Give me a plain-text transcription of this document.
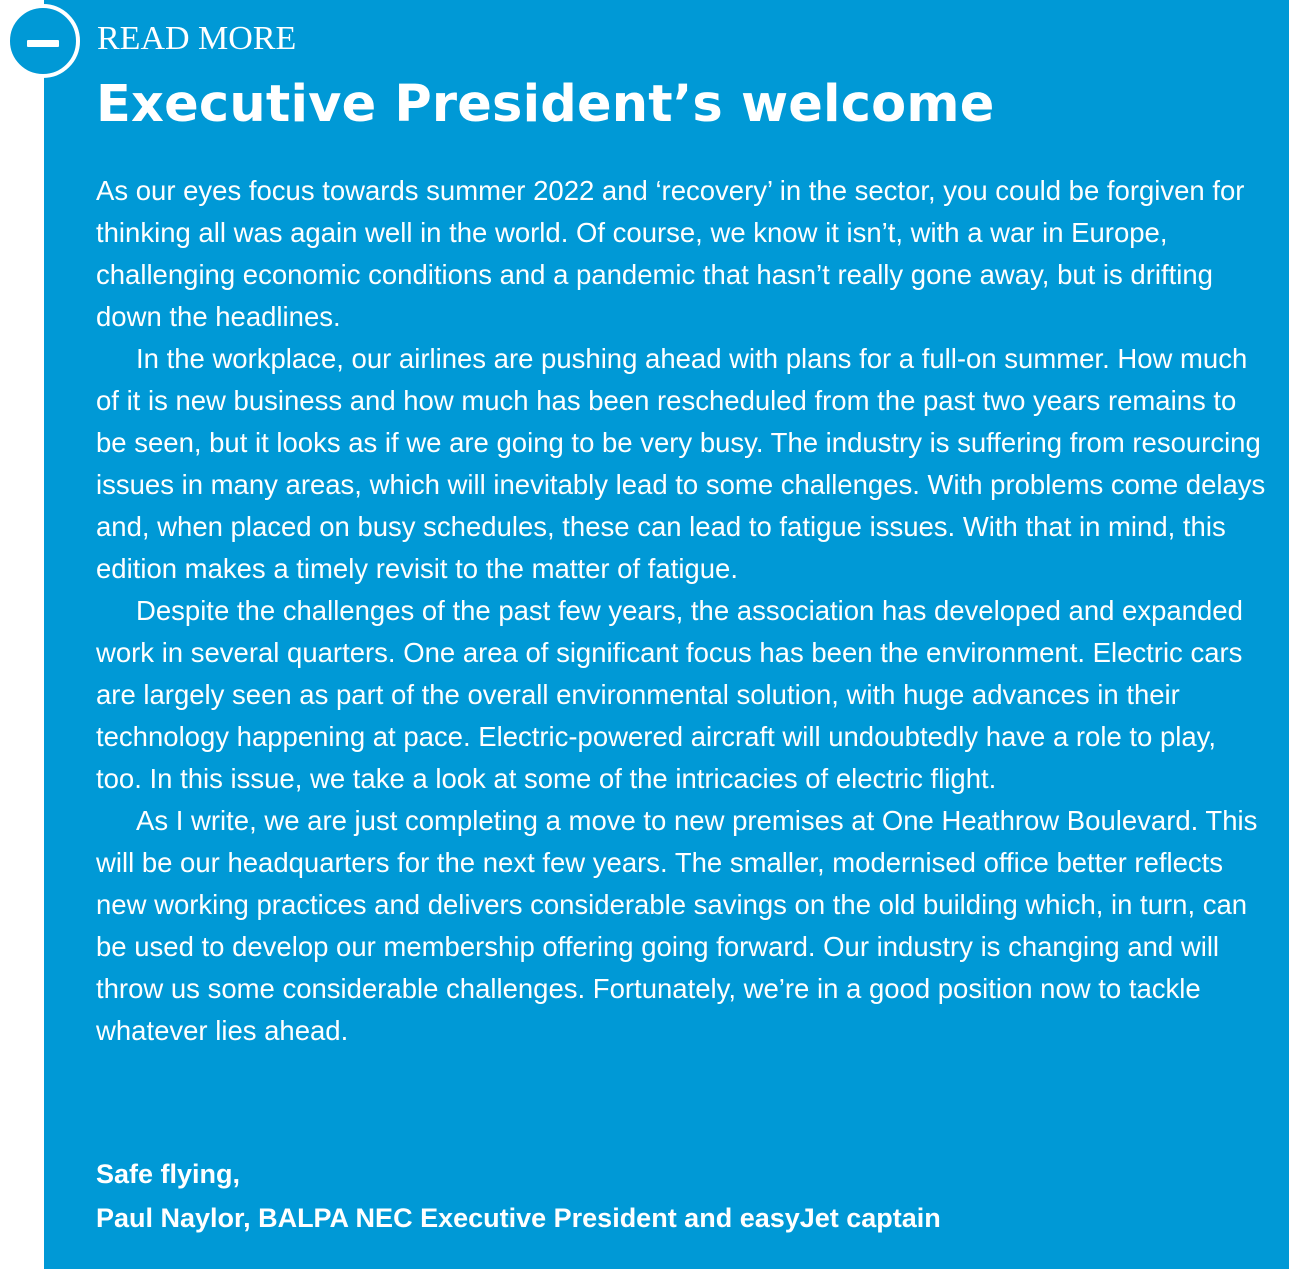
READ MORE
Executive President’s welcome

As our eyes focus towards summer 2022 and ‘recovery’ in the sector, you could be forgiven for thinking all was again well in the world. Of course, we know it isn’t, with a war in Europe, challenging economic conditions and a pandemic that hasn’t really gone away, but is drifting down the headlines.

In the workplace, our airlines are pushing ahead with plans for a full-on summer. How much of it is new business and how much has been rescheduled from the past two years remains to be seen, but it looks as if we are going to be very busy. The industry is suffering from resourcing issues in many areas, which will inevitably lead to some challenges. With problems come delays and, when placed on busy schedules, these can lead to fatigue issues. With that in mind, this edition makes a timely revisit to the matter of fatigue.

Despite the challenges of the past few years, the association has developed and expanded work in several quarters. One area of significant focus has been the environment. Electric cars are largely seen as part of the overall environmental solution, with huge advances in their technology happening at pace. Electric-powered aircraft will undoubtedly have a role to play, too. In this issue, we take a look at some of the intricacies of electric flight.

As I write, we are just completing a move to new premises at One Heathrow Boulevard. This will be our headquarters for the next few years. The smaller, modernised office better reflects new working practices and delivers considerable savings on the old building which, in turn, can be used to develop our membership offering going forward. Our industry is changing and will throw us some considerable challenges. Fortunately, we’re in a good position now to tackle whatever lies ahead.

Safe flying,
Paul Naylor, BALPA NEC Executive President and easyJet captain
